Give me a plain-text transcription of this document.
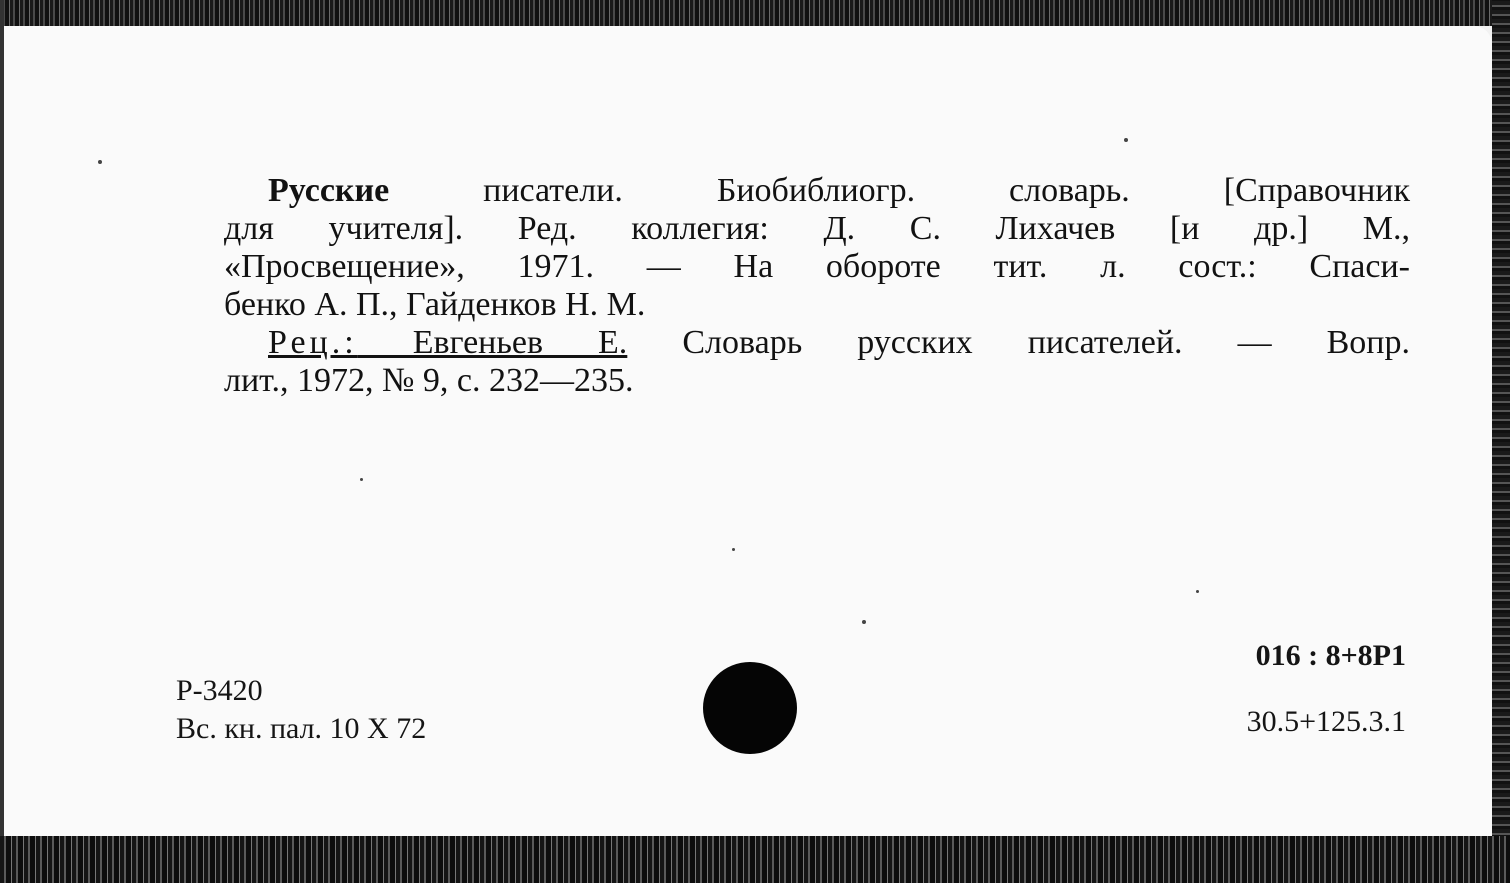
Русские писатели. Биобиблиогр. словарь. [Справочник
для учителя]. Ред. коллегия: Д. С. Лихачев [и др.] М.,
«Просвещение», 1971. — На обороте тит. л. сост.: Спаси-
бенко А. П., Гайденков Н. М.
Рец.: Евгеньев Е. Словарь русских писателей. — Вопр.
лит., 1972, № 9, с. 232—235.
Р-3420
Вс. кн. пал. 10 X 72
016 : 8+8Р1
30.5+125.3.1
